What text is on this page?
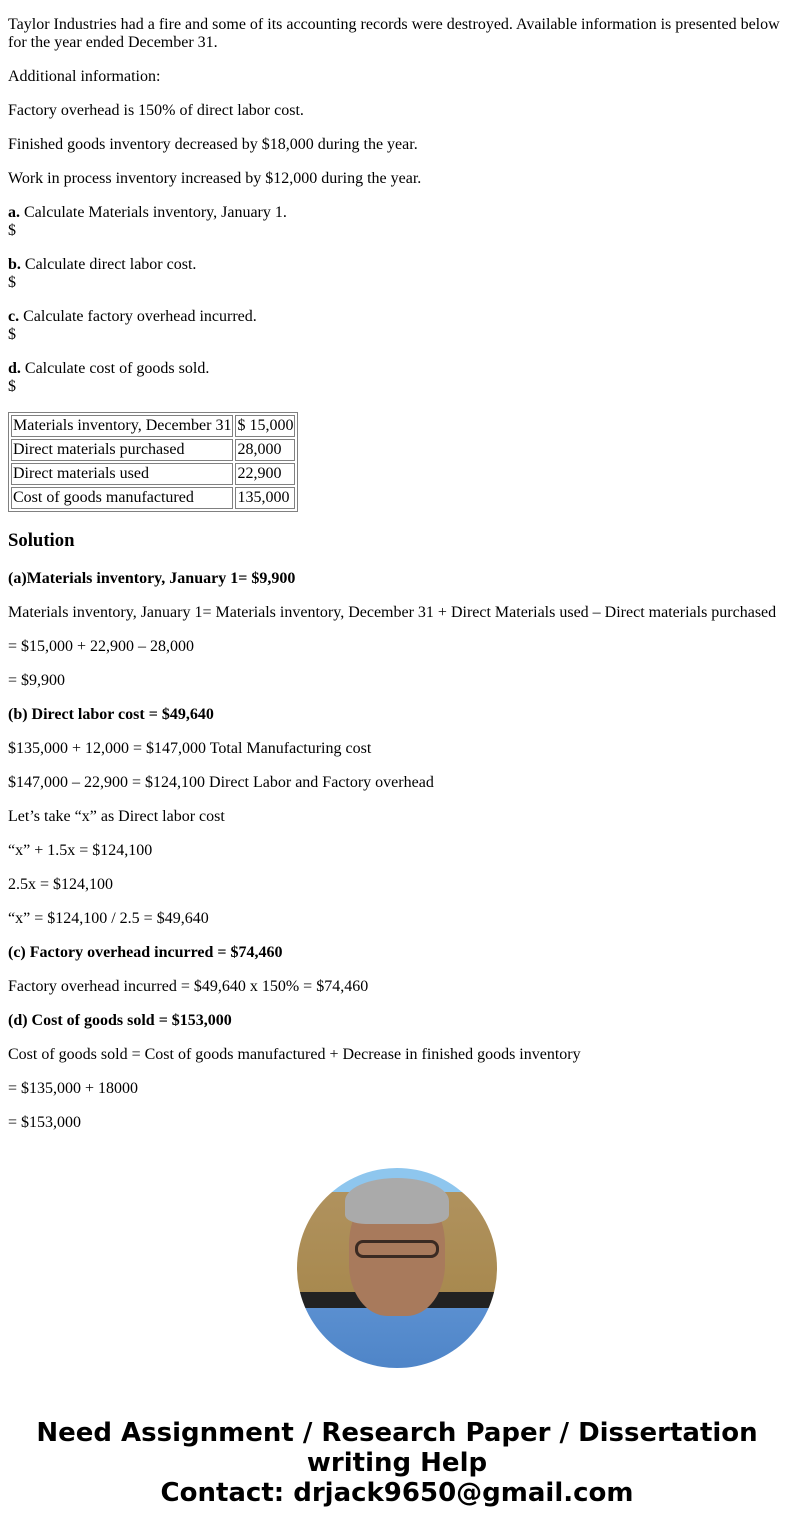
Taylor Industries had a fire and some of its accounting records were destroyed. Available information is presented below for the year ended December 31.

Additional information:

Factory overhead is 150% of direct labor cost.

Finished goods inventory decreased by $18,000 during the year.

Work in process inventory increased by $12,000 during the year.

a. Calculate Materials inventory, January 1.
$

b. Calculate direct labor cost.
$

c. Calculate factory overhead incurred.
$

d. Calculate cost of goods sold.
$

Materials inventory, December 31	$ 15,000
Direct materials purchased	28,000
Direct materials used	22,900
Cost of goods manufactured	135,000
Solution

(a)Materials inventory, January 1= $9,900

Materials inventory, January 1= Materials inventory, December 31 + Direct Materials used – Direct materials purchased

= $15,000 + 22,900 – 28,000

= $9,900

(b) Direct labor cost = $49,640

$135,000 + 12,000 = $147,000 Total Manufacturing cost

$147,000 – 22,900 = $124,100 Direct Labor and Factory overhead

Let’s take “x” as Direct labor cost

“x” + 1.5x = $124,100

2.5x = $124,100

“x” = $124,100 / 2.5 = $49,640

(c) Factory overhead incurred = $74,460

Factory overhead incurred = $49,640 x 150% = $74,460

(d) Cost of goods sold = $153,000

Cost of goods sold = Cost of goods manufactured + Decrease in finished goods inventory

= $135,000 + 18000

= $153,000

Need Assignment / Research Paper / Dissertation writing Help
Contact: drjack9650@gmail.com
